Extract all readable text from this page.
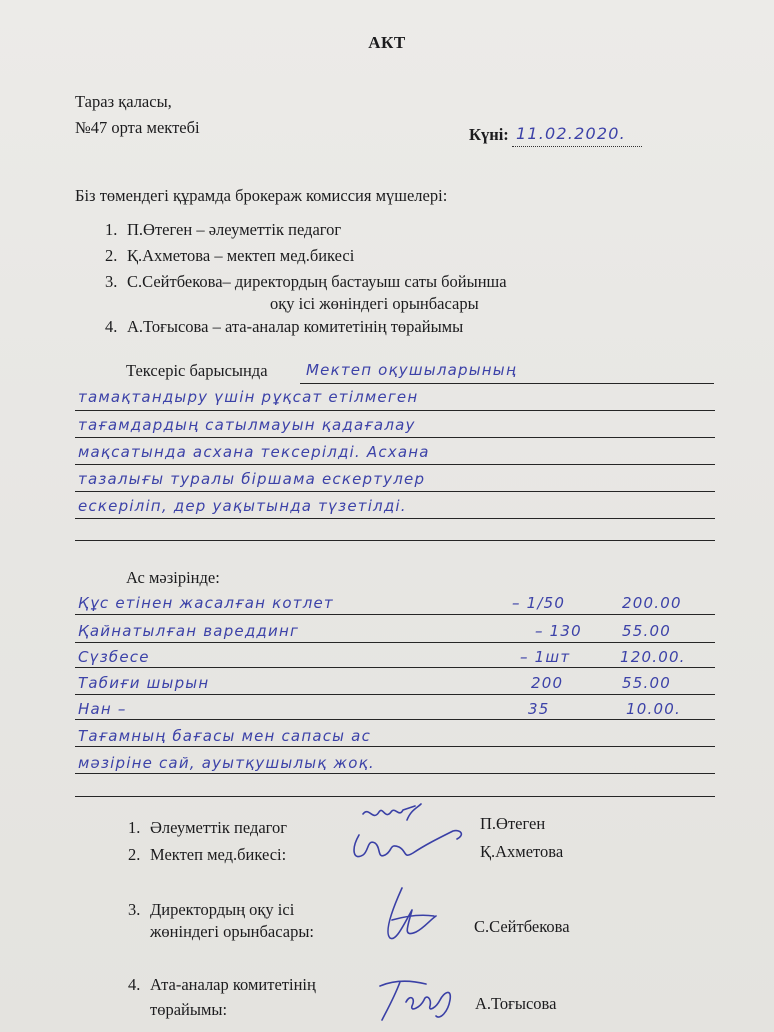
АКТ
Тараз қаласы,
№47 орта мектебі	Күні: 11.02.2020.
Біз төмендегі құрамда брокераж комиссия мүшелері:
1. П.Өтеген – әлеуметтік педагог
2. Қ.Ахметова – мектеп мед.бикесі
3. С.Сейтбекова– директордың бастауыш саты бойынша
оқу ісі жөніндегі орынбасары
4. А.Тоғысова – ата-аналар комитетінің төрайымы
Тексеріс барысында	Мектеп оқушыларының
тамақтандыру үшін рұқсат етілмеген
тағамдардың сатылмауын қадағалау
мақсатында асхана тексерілді. Асхана
тазалығы туралы біршама ескертулер
ескеріліп, дер уақытында түзетілді.
Ас мәзірінде:
Құс етінен жасалған котлет	– 1/50	200.00
Қайнатылған вареддинг	– 130	55.00
Сүзбесе	– 1шт	120.00.
Табиғи шырын	200	55.00
Нан –	35	10.00.
Тағамның бағасы мен сапасы ас
мәзіріне сай, ауытқушылық жоқ.
1. Әлеуметтік педагог	П.Өтеген
2. Мектеп мед.бикесі:	Қ.Ахметова
3. Директордың оқу ісі
жөніндегі орынбасары:	С.Сейтбекова
4. Ата-аналар комитетінің
төрайымы:	А.Тоғысова
